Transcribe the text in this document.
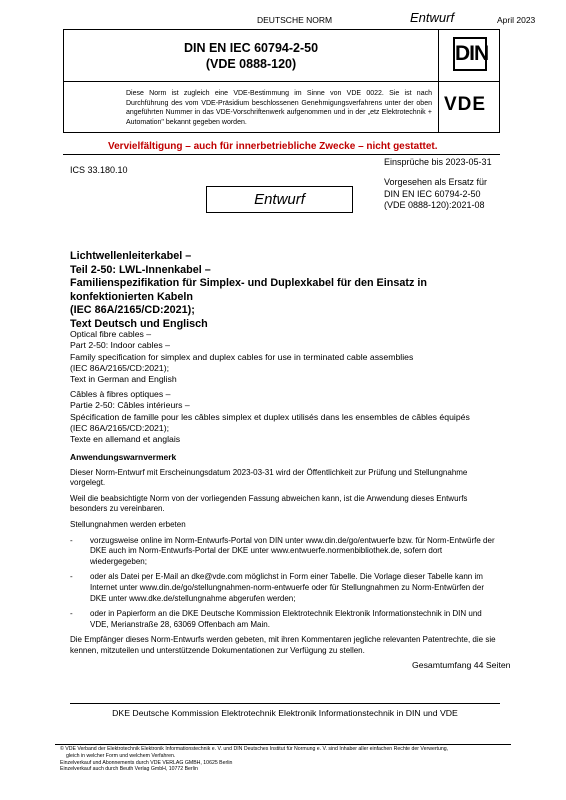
DEUTSCHE NORM	Entwurf	April 2023
DIN EN IEC 60794-2-50
(VDE 0888-120)
Diese Norm ist zugleich eine VDE-Bestimmung im Sinne von VDE 0022. Sie ist nach Durchführung des vom VDE-Präsidium beschlossenen Genehmigungsverfahrens unter der oben angeführten Nummer in das VDE-Vorschriftenwerk aufgenommen und in der „etz Elektrotechnik + Automation" bekannt gegeben worden.
DIN
VDE
Vervielfältigung – auch für innerbetriebliche Zwecke – nicht gestattet.
Einsprüche bis 2023-05-31
ICS 33.180.10
Vorgesehen als Ersatz für
DIN EN IEC 60794-2-50
(VDE 0888-120):2021-08
Entwurf
Lichtwellenleiterkabel –
Teil 2-50: LWL-Innenkabel –
Familienspezifikation für Simplex- und Duplexkabel für den Einsatz in
konfektionierten Kabeln
(IEC 86A/2165/CD:2021);
Text Deutsch und Englisch
Optical fibre cables –
Part 2-50: Indoor cables –
Family specification for simplex and duplex cables for use in terminated cable assemblies
(IEC 86A/2165/CD:2021);
Text in German and English
Câbles à fibres optiques –
Partie 2-50: Câbles intérieurs –
Spécification de famille pour les câbles simplex et duplex utilisés dans les ensembles de câbles équipés
(IEC 86A/2165/CD:2021);
Texte en allemand et anglais

Anwendungswarnvermerk

Dieser Norm-Entwurf mit Erscheinungsdatum 2023-03-31 wird der Öffentlichkeit zur Prüfung und Stellungnahme vorgelegt.

Weil die beabsichtigte Norm von der vorliegenden Fassung abweichen kann, ist die Anwendung dieses Entwurfs besonders zu vereinbaren.

Stellungnahmen werden erbeten

-	vorzugsweise online im Norm-Entwurfs-Portal von DIN unter www.din.de/go/entwuerfe bzw. für Norm-Entwürfe der DKE auch im Norm-Entwurfs-Portal der DKE unter www.entwuerfe.normenbibliothek.de, sofern dort wiedergegeben;
-	oder als Datei per E-Mail an dke@vde.com möglichst in Form einer Tabelle. Die Vorlage dieser Tabelle kann im Internet unter www.din.de/go/stellungnahmen-norm-entwuerfe oder für Stellungnahmen zu Norm-Entwürfen der DKE unter www.dke.de/stellungnahme abgerufen werden;
-	oder in Papierform an die DKE Deutsche Kommission Elektrotechnik Elektronik Informationstechnik in DIN und VDE, Merianstraße 28, 63069 Offenbach am Main.

Die Empfänger dieses Norm-Entwurfs werden gebeten, mit ihren Kommentaren jegliche relevanten Patentrechte, die sie kennen, mitzuteilen und unterstützende Dokumentationen zur Verfügung zu stellen.

Gesamtumfang 44 Seiten
DKE Deutsche Kommission Elektrotechnik Elektronik Informationstechnik in DIN und VDE
© VDE Verband der Elektrotechnik Elektronik Informationstechnik e. V. und DIN Deutsches Institut für Normung e. V. sind Inhaber aller einfachen Rechte der Verwertung,
gleich in welcher Form und welchem Verfahren.
Einzelverkauf und Abonnements durch VDE VERLAG GMBH, 10625 Berlin
Einzelverkauf auch durch Beuth Verlag GmbH, 10772 Berlin
